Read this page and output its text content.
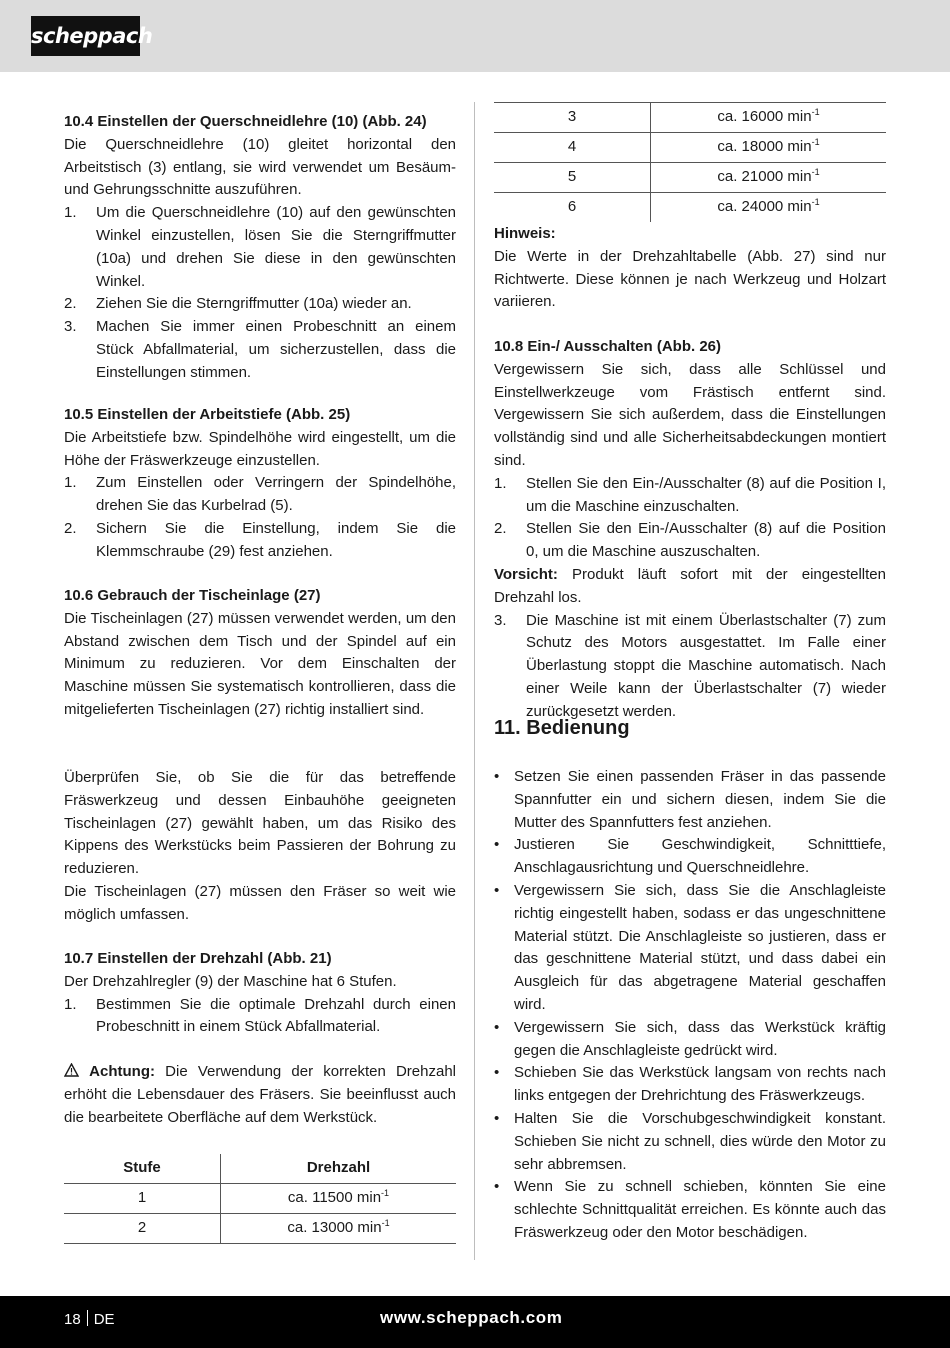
scheppach
10.4 Einstellen der Querschneidlehre (10) (Abb. 24)
Die Querschneidlehre (10) gleitet horizontal den Arbeitstisch (3) entlang, sie wird verwendet um Besäum- und Gehrungsschnitte auszuführen.
1. Um die Querschneidlehre (10) auf den gewünschten Winkel einzustellen, lösen Sie die Sterngriffmutter (10a) und drehen Sie diese in den gewünschten Winkel.
2. Ziehen Sie die Sterngriffmutter (10a) wieder an.
3. Machen Sie immer einen Probeschnitt an einem Stück Abfallmaterial, um sicherzustellen, dass die Einstellungen stimmen.
10.5 Einstellen der Arbeitstiefe (Abb. 25)
Die Arbeitstiefe bzw. Spindelhöhe wird eingestellt, um die Höhe der Fräswerkzeuge einzustellen.
1. Zum Einstellen oder Verringern der Spindelhöhe, drehen Sie das Kurbelrad (5).
2. Sichern Sie die Einstellung, indem Sie die Klemmschraube (29) fest anziehen.
10.6 Gebrauch der Tischeinlage (27)
Die Tischeinlagen (27) müssen verwendet werden, um den Abstand zwischen dem Tisch und der Spindel auf ein Minimum zu reduzieren. Vor dem Einschalten der Maschine müssen Sie systematisch kontrollieren, dass die mitgelieferten Tischeinlagen (27) richtig installiert sind.
Überprüfen Sie, ob Sie die für das betreffende Fräswerkzeug und dessen Einbauhöhe geeigneten Tischeinlagen (27) gewählt haben, um das Risiko des Kippens des Werkstücks beim Passieren der Bohrung zu reduzieren.
Die Tischeinlagen (27) müssen den Fräser so weit wie möglich umfassen.
10.7 Einstellen der Drehzahl (Abb. 21)
Der Drehzahlregler (9) der Maschine hat 6 Stufen.
1. Bestimmen Sie die optimale Drehzahl durch einen Probeschnitt in einem Stück Abfallmaterial.
Achtung: Die Verwendung der korrekten Drehzahl erhöht die Lebensdauer des Fräsers. Sie beeinflusst auch die bearbeitete Oberfläche auf dem Werkstück.
Stufe	Drehzahl
1	ca. 11500 $\min^{-1}$
2	ca. 13000 $\min^{-1}$
3	ca. 16000 $\min^{-1}$
4	ca. 18000 $\min^{-1}$
5	ca. 21000 $\min^{-1}$
6	ca. 24000 $\min^{-1}$
Hinweis:
Die Werte in der Drehzahltabelle (Abb. 27) sind nur Richtwerte. Diese können je nach Werkzeug und Holzart variieren.
10.8 Ein-/ Ausschalten (Abb. 26)
Vergewissern Sie sich, dass alle Schlüssel und Einstellwerkzeuge vom Frästisch entfernt sind. Vergewissern Sie sich außerdem, dass die Einstellungen vollständig sind und alle Sicherheitsabdeckungen montiert sind.
1. Stellen Sie den Ein-/Ausschalter (8) auf die Position I, um die Maschine einzuschalten.
2. Stellen Sie den Ein-/Ausschalter (8) auf die Position 0, um die Maschine auszuschalten.
Vorsicht: Produkt läuft sofort mit der eingestellten Drehzahl los.
3. Die Maschine ist mit einem Überlastschalter (7) zum Schutz des Motors ausgestattet. Im Falle einer Überlastung stoppt die Maschine automatisch. Nach einer Weile kann der Überlastschalter (7) wieder zurückgesetzt werden.
11. Bedienung
• Setzen Sie einen passenden Fräser in das passende Spannfutter ein und sichern diesen, indem Sie die Mutter des Spannfutters fest anziehen.
• Justieren Sie Geschwindigkeit, Schnitttiefe, Anschlagausrichtung und Querschneidlehre.
• Vergewissern Sie sich, dass Sie die Anschlagleiste richtig eingestellt haben, sodass er das ungeschnittene Material stützt. Die Anschlagleiste so justieren, dass er das geschnittene Material stützt, und dass dabei ein Ausgleich für das abgetragene Material geschaffen wird.
• Vergewissern Sie sich, dass das Werkstück kräftig gegen die Anschlagleiste gedrückt wird.
• Schieben Sie das Werkstück langsam von rechts nach links entgegen der Drehrichtung des Fräswerkzeugs.
• Halten Sie die Vorschubgeschwindigkeit konstant. Schieben Sie nicht zu schnell, dies würde den Motor zu sehr abbremsen.
• Wenn Sie zu schnell schieben, könnten Sie eine schlechte Schnittqualität erreichen. Es könnte auch das Fräswerkzeug oder den Motor beschädigen.
18 DE	www.scheppach.com
